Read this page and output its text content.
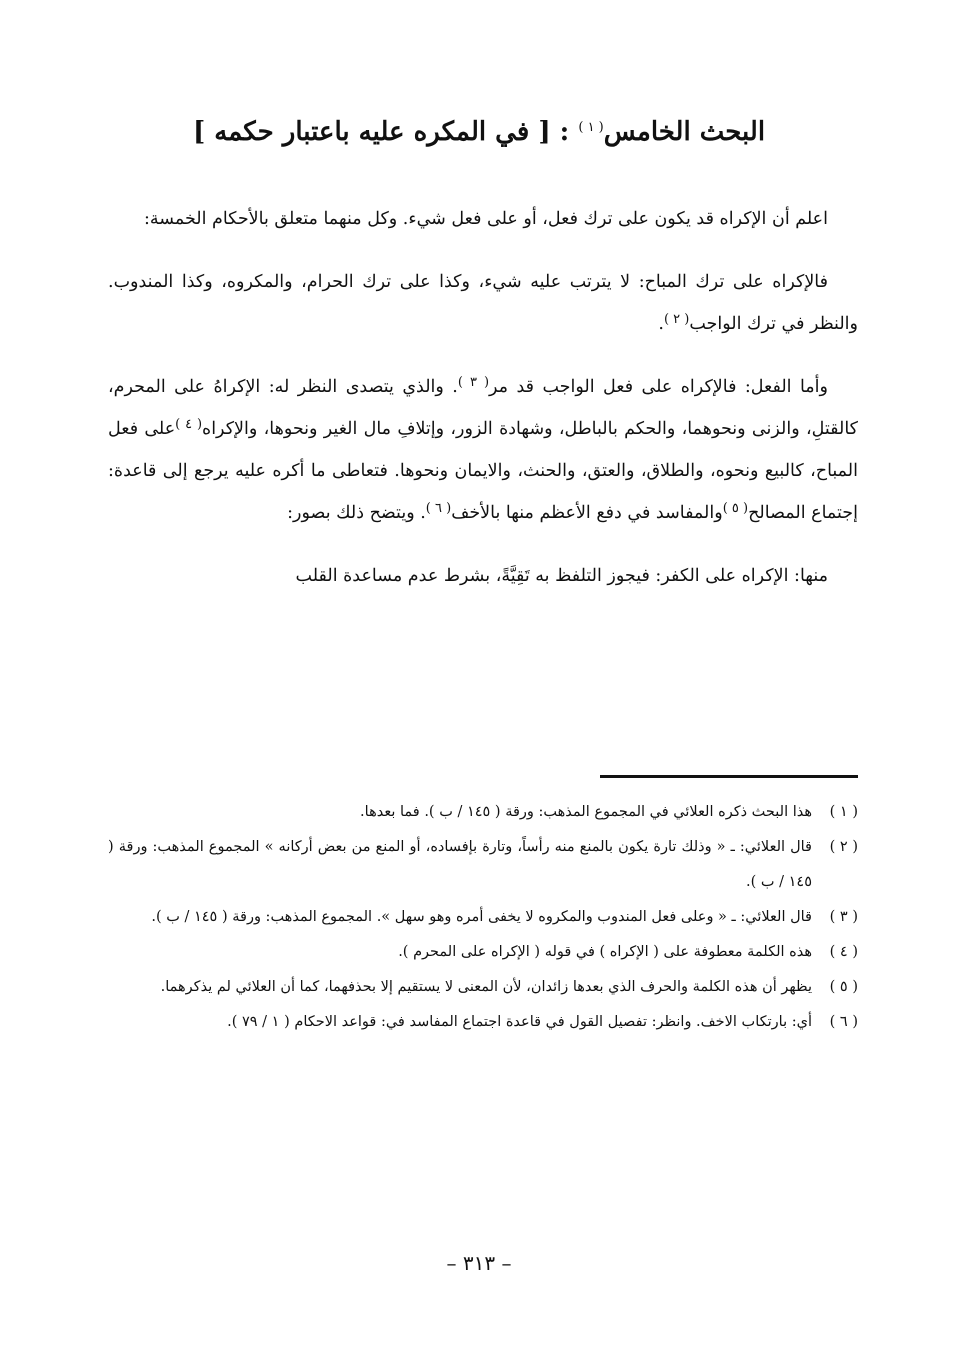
البحث الخامس$^{( ١ )}$ : [ في المكره عليه باعتبار حكمه ]

اعلم أن الإكراه قد يكون على ترك فعل، أو على فعل شيء. وكل منهما متعلق بالأحكام الخمسة:

فالإكراه على ترك المباح: لا يترتب عليه شيء، وكذا على ترك الحرام، والمكروه، وكذا المندوب. والنظر في ترك الواجب$^{( ٢ )}$.

وأما الفعل: فالإكراه على فعل الواجب قد مر$^{( ٣ )}$. والذي يتصدى النظر له: الإكراهُ على المحرم، كالقتلِ، والزنى ونحوهما، والحكم بالباطل، وشهادة الزور، وإتلافِ مال الغير ونحوها، والإكراه$^{( ٤ )}$على فعل المباح، كالبيع ونحوه، والطلاق، والعتق، والحنث، والايمان ونحوها. فتعاطى ما أكره عليه يرجع إلى قاعدة: إجتماع المصالح$^{( ٥ )}$والمفاسد في دفع الأعظم منها بالأخف$^{( ٦ )}$. ويتضح ذلك بصور:

منها: الإكراه على الكفر: فيجوز التلفظ به تَقِيَّةً، بشرط عدم مساعدة القلب

( ١ )
هذا البحث ذكره العلائي في المجموع المذهب: ورقة ( ١٤٥ / ب ). فما بعدها.
( ٢ )
قال العلائي: ـ « وذلك تارة يكون بالمنع منه رأساً، وتارة بإفساده، أو المنع من بعض أركانه » المجموع المذهب: ورقة ( ١٤٥ / ب ).
( ٣ )
قال العلائي: ـ « وعلى فعل المندوب والمكروه لا يخفى أمره وهو سهل ». المجموع المذهب: ورقة ( ١٤٥ / ب ).
( ٤ )
هذه الكلمة معطوفة على ( الإكراه ) في قوله ( الإكراه على المحرم ).
( ٥ )
يظهر أن هذه الكلمة والحرف الذي بعدها زائدان، لأن المعنى لا يستقيم إلا بحذفهما، كما أن العلائي لم يذكرهما.
( ٦ )
أي: بارتكاب الاخف. وانظر: تفصيل القول في قاعدة اجتماع المفاسد في: قواعد الاحكام ( ١ / ٧٩ ).
– ٣١٣ –
